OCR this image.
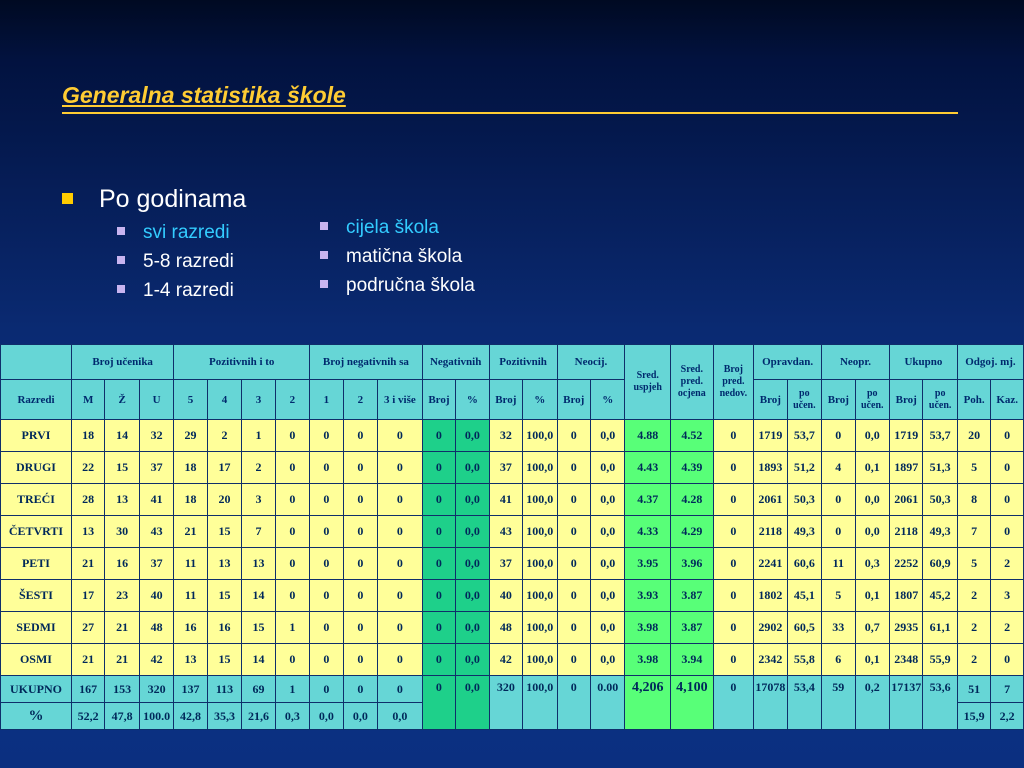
Generalna statistika škole
Po godinama
svi razredi
5-8 razredi
1-4 razredi
cijela škola
matična škola
područna škola
	Broj učenika			Pozitivnih i to				Broj negativnih sa			Negativnih		Pozitivnih		Neocij.		Sred. uspjeh	Sred. pred. ocjena	Broj pred. nedov.	Opravdan.		Neopr.		Ukupno		Odgoj. mj.	
Razredi	M	Ž	U	5	4	3	2	1	2	3 i više	Broj	%	Broj	%	Broj	%				Broj	po učen.	Broj	po učen.	Broj	po učen.	Poh.	Kaz.
PRVI	18	14	32	29	2	1	0	0	0	0	0	0,0	32	100,0	0	0,0	4.88	4.52	0	1719	53,7	0	0,0	1719	53,7	20	0
DRUGI	22	15	37	18	17	2	0	0	0	0	0	0,0	37	100,0	0	0,0	4.43	4.39	0	1893	51,2	4	0,1	1897	51,3	5	0
TREĆI	28	13	41	18	20	3	0	0	0	0	0	0,0	41	100,0	0	0,0	4.37	4.28	0	2061	50,3	0	0,0	2061	50,3	8	0
ČETVRTI	13	30	43	21	15	7	0	0	0	0	0	0,0	43	100,0	0	0,0	4.33	4.29	0	2118	49,3	0	0,0	2118	49,3	7	0
PETI	21	16	37	11	13	13	0	0	0	0	0	0,0	37	100,0	0	0,0	3.95	3.96	0	2241	60,6	11	0,3	2252	60,9	5	2
ŠESTI	17	23	40	11	15	14	0	0	0	0	0	0,0	40	100,0	0	0,0	3.93	3.87	0	1802	45,1	5	0,1	1807	45,2	2	3
SEDMI	27	21	48	16	16	15	1	0	0	0	0	0,0	48	100,0	0	0,0	3.98	3.87	0	2902	60,5	33	0,7	2935	61,1	2	2
OSMI	21	21	42	13	15	14	0	0	0	0	0	0,0	42	100,0	0	0,0	3.98	3.94	0	2342	55,8	6	0,1	2348	55,9	2	0
UKUPNO	167	153	320	137	113	69	1	0	0	0	0	0,0	320	100,0	0	0.00	4,206	4,100	0	17078	53,4	59	0,2	17137	53,6	51	7
%	52,2	47,8	100.0	42,8	35,3	21,6	0,3	0,0	0,0	0,0																15,9	2,2
